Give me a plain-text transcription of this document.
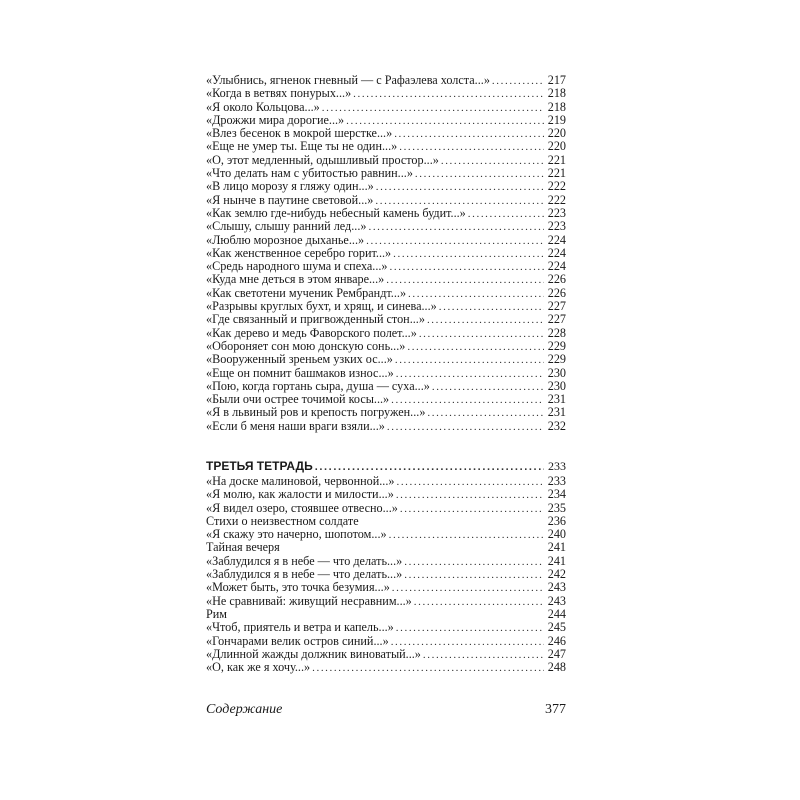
«Улыбнись, ягненок гневный — с Рафаэлева холста...» .....	217
«Когда в ветвях понурых...» .....	218
«Я около Кольцова...» .....	218
«Дрожжи мира дорогие...» .....	219
«Влез бесенок в мокрой шерстке...» .....	220
«Еще не умер ты. Еще ты не один...» .....	220
«О, этот медленный, одышливый простор...» .....	221
«Что делать нам с убитостью равнин...» .....	221
«В лицо морозу я гляжу один...» .....	222
«Я нынче в паутине световой...» .....	222
«Как землю где-нибудь небесный камень будит...» .....	223
«Слышу, слышу ранний лед...» .....	223
«Люблю морозное дыханье...» .....	224
«Как женственное серебро горит...» .....	224
«Средь народного шума и спеха...» .....	224
«Куда мне деться в этом январе...» .....	226
«Как светотени мученик Рембрандт...» .....	226
«Разрывы круглых бухт, и хрящ, и синева...» .....	227
«Где связанный и пригвожденный стон...» .....	227
«Как дерево и медь Фаворского полет...» .....	228
«Обороняет сон мою донскую сонь...» .....	229
«Вооруженный зреньем узких ос...» .....	229
«Еще он помнит башмаков износ...» .....	230
«Пою, когда гортань сыра, душа — суха...» .....	230
«Были очи острее точимой косы...» .....	231
«Я в львиный ров и крепость погружен...» .....	231
«Если б меня наши враги взяли...» .....	232
ТРЕТЬЯ ТЕТРАДЬ .....	233
«На доске малиновой, червонной...» .....	233
«Я молю, как жалости и милости...» .....	234
«Я видел озеро, стоявшее отвесно...» .....	235
Стихи о неизвестном солдате	236
«Я скажу это начерно, шопотом...» .....	240
Тайная вечеря	241
«Заблудился я в небе — что делать...» .....	241
«Заблудился я в небе — что делать...» .....	242
«Может быть, это точка безумия...» .....	243
«Не сравнивай: живущий несравним...» .....	243
Рим	244
«Чтоб, приятель и ветра и капель...» .....	245
«Гончарами велик остров синий...» .....	246
«Длинной жажды должник виноватый...» .....	247
«О, как же я хочу...» .....	248
Содержание	377
